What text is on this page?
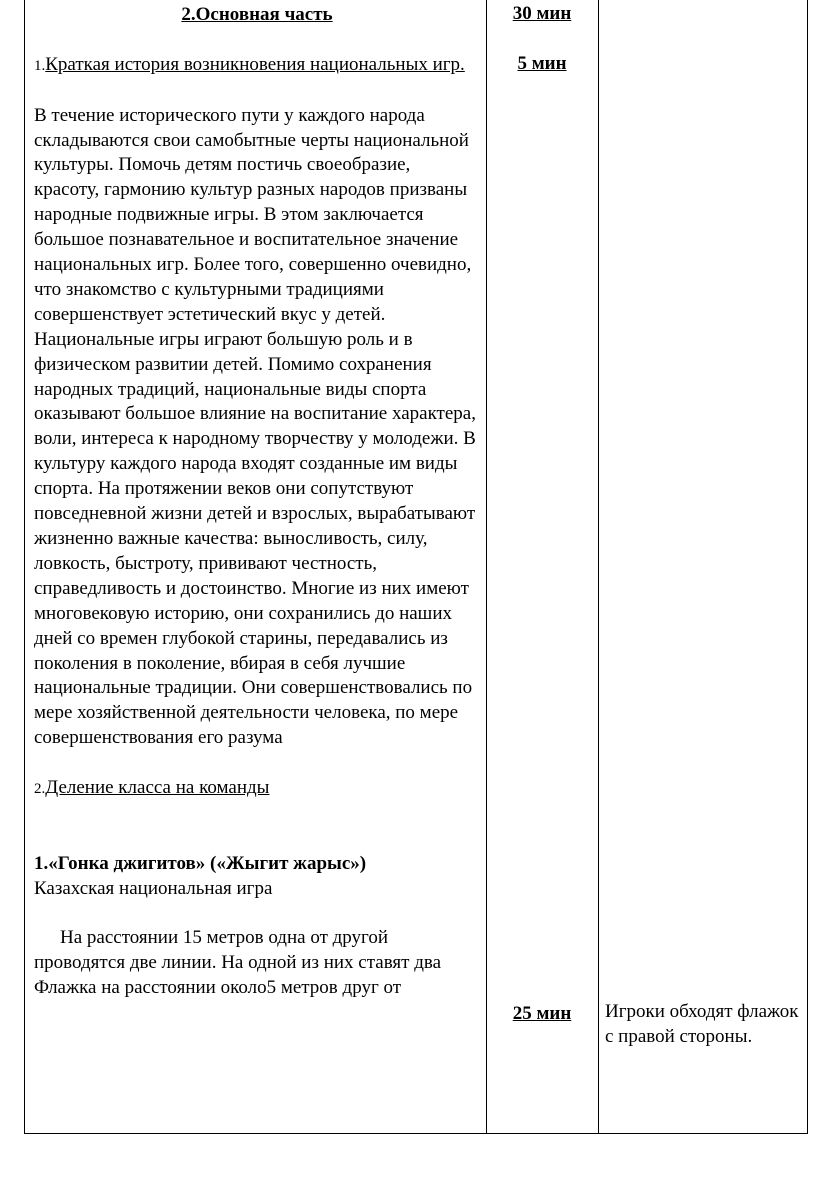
2.Основная часть

1.Краткая история возникновения национальных игр.

В течение исторического пути у каждого народа складываются свои самобытные черты национальной культуры. Помочь детям постичь своеобразие, красоту, гармонию культур разных народов призваны народные подвижные игры. В этом заключается большое познавательное и воспитательное значение национальных игр. Более того, совершенно очевидно, что знакомство с культурными традициями совершенствует эстетический вкус у детей. Национальные игры играют большую роль и в физическом развитии детей. Помимо сохранения народных традиций, национальные виды спорта оказывают большое влияние на воспитание характера, воли, интереса к народному творчеству у молодежи. В культуру каждого народа входят созданные им виды спорта. На протяжении веков они сопутствуют повседневной жизни детей и взрослых, вырабатывают жизненно важные качества: выносливость, силу, ловкость, быстроту, прививают честность, справедливость и достоинство. Многие из них имеют многовековую историю, они сохранились до наших дней со времен глубокой старины, передавались из поколения в поколение, вбирая в себя лучшие национальные традиции. Они совершенствовались по мере хозяйственной деятельности человека, по мере совершенствования его разума

2.Деление класса на команды

1.«Гонка джигитов» («Жыгит жарыс»)

Казахская национальная игра

На расстоянии 15 метров одна от другой проводятся две линии. На одной из них ставят два

Флажка на расстоянии около5 метров друг от

30 мин
5 мин
25 мин	Игроки обходят флажок с правой стороны.
